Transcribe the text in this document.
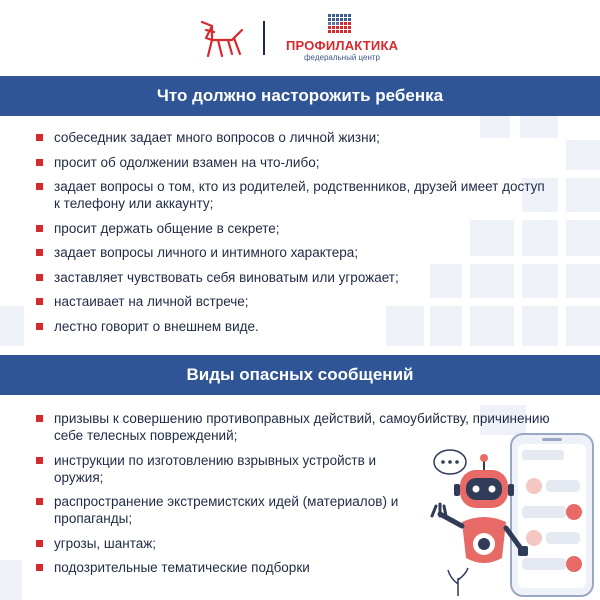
ПРОФИЛАКТИКА
федеральный центр
Что должно насторожить ребенка
собеседник задает много вопросов о личной жизни;
просит об одолжении взамен на что-либо;
задает вопросы о том, кто из родителей, родственников, друзей имеет доступ к телефону или аккаунту;
просит держать общение в секрете;
задает вопросы личного и интимного характера;
заставляет чувствовать себя виноватым или угрожает;
настаивает на личной встрече;
лестно говорит о внешнем виде.
Виды опасных сообщений
призывы к совершению противоправных действий, самоубийству, причинению себе телесных повреждений;
инструкции по изготовлению взрывных устройств и оружия;
распространение экстремистских идей (материалов) и пропаганды;
угрозы, шантаж;
подозрительные тематические подборки
